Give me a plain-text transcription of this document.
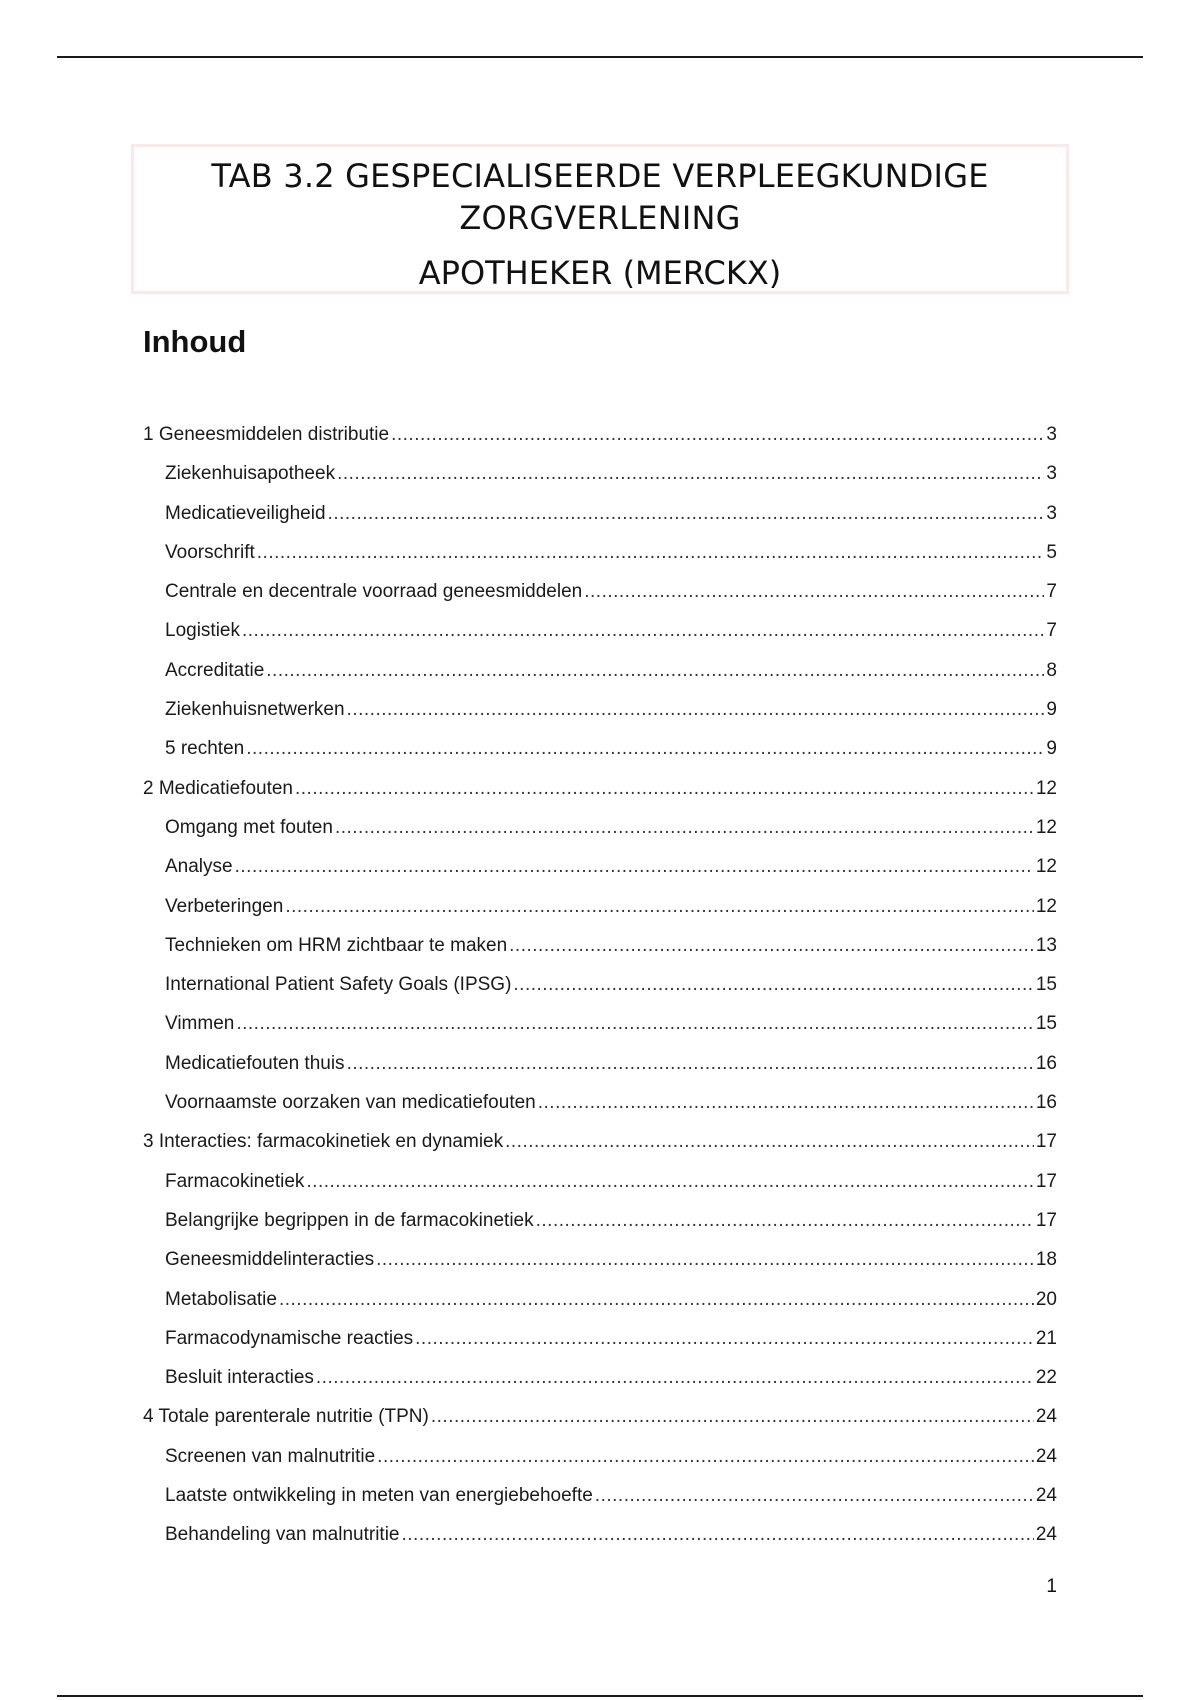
TAB 3.2 GESPECIALISEERDE VERPLEEGKUNDIGE ZORGVERLENING
APOTHEKER (MERCKX)
Inhoud
1 Geneesmiddelen distributie .....	3
Ziekenhuisapotheek .....	3
Medicatieveiligheid .....	3
Voorschrift .....	5
Centrale en decentrale voorraad geneesmiddelen .....	7
Logistiek .....	7
Accreditatie .....	8
Ziekenhuisnetwerken .....	9
5 rechten .....	9
2 Medicatiefouten .....	12
Omgang met fouten .....	12
Analyse .....	12
Verbeteringen .....	12
Technieken om HRM zichtbaar te maken .....	13
International Patient Safety Goals (IPSG) .....	15
Vimmen .....	15
Medicatiefouten thuis .....	16
Voornaamste oorzaken van medicatiefouten .....	16
3 Interacties: farmacokinetiek en dynamiek .....	17
Farmacokinetiek .....	17
Belangrijke begrippen in de farmacokinetiek .....	17
Geneesmiddelinteracties .....	18
Metabolisatie .....	20
Farmacodynamische reacties .....	21
Besluit interacties .....	22
4 Totale parenterale nutritie (TPN) .....	24
Screenen van malnutritie .....	24
Laatste ontwikkeling in meten van energiebehoefte .....	24
Behandeling van malnutritie .....	24
1
